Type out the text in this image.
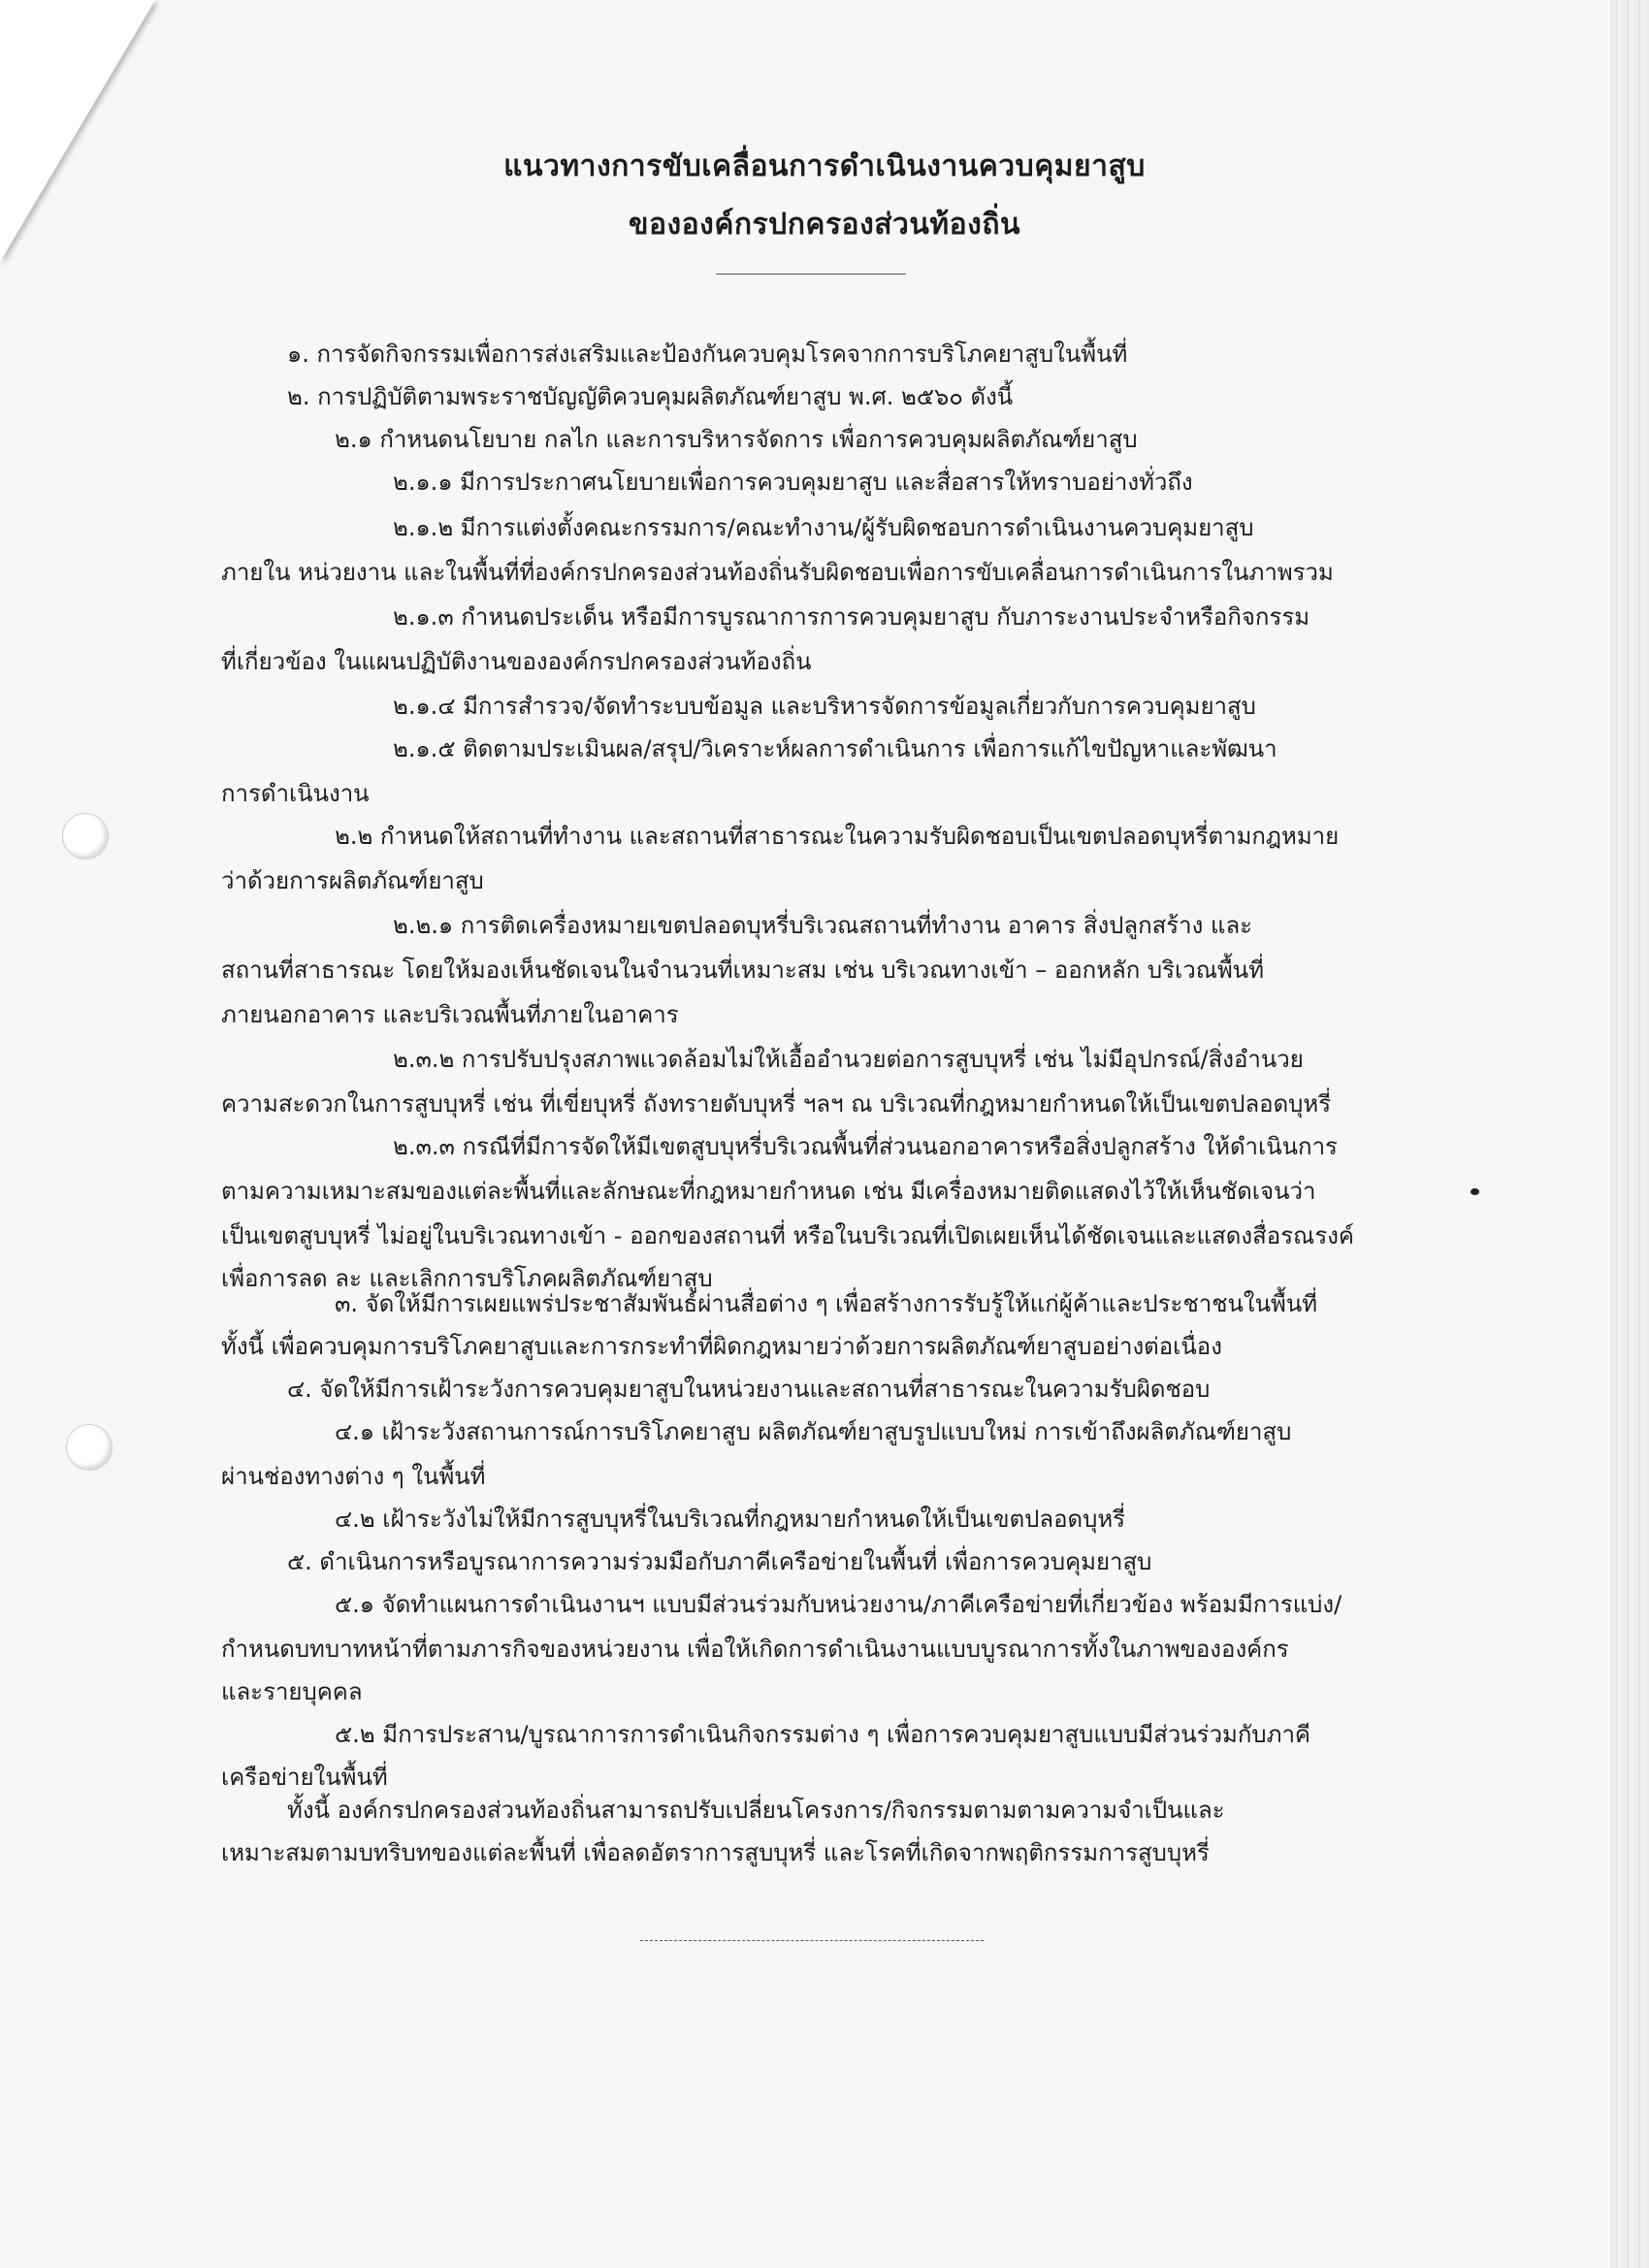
แนวทางการขับเคลื่อนการดำเนินงานควบคุมยาสูบ
ขององค์กรปกครองส่วนท้องถิ่น
๑. การจัดกิจกรรมเพื่อการส่งเสริมและป้องกันควบคุมโรคจากการบริโภคยาสูบในพื้นที่
๒. การปฏิบัติตามพระราชบัญญัติควบคุมผลิตภัณฑ์ยาสูบ พ.ศ. ๒๕๖๐ ดังนี้
๒.๑ กำหนดนโยบาย กลไก และการบริหารจัดการ เพื่อการควบคุมผลิตภัณฑ์ยาสูบ
๒.๑.๑ มีการประกาศนโยบายเพื่อการควบคุมยาสูบ และสื่อสารให้ทราบอย่างทั่วถึง
๒.๑.๒ มีการแต่งตั้งคณะกรรมการ/คณะทำงาน/ผู้รับผิดชอบการดำเนินงานควบคุมยาสูบ
ภายใน หน่วยงาน และในพื้นที่ที่องค์กรปกครองส่วนท้องถิ่นรับผิดชอบเพื่อการขับเคลื่อนการดำเนินการในภาพรวม
๒.๑.๓ กำหนดประเด็น หรือมีการบูรณาการการควบคุมยาสูบ กับภาระงานประจำหรือกิจกรรม
ที่เกี่ยวข้อง ในแผนปฏิบัติงานขององค์กรปกครองส่วนท้องถิ่น
๒.๑.๔ มีการสำรวจ/จัดทำระบบข้อมูล และบริหารจัดการข้อมูลเกี่ยวกับการควบคุมยาสูบ
๒.๑.๕ ติดตามประเมินผล/สรุป/วิเคราะห์ผลการดำเนินการ เพื่อการแก้ไขปัญหาและพัฒนา
การดำเนินงาน
๒.๒ กำหนดให้สถานที่ทำงาน และสถานที่สาธารณะในความรับผิดชอบเป็นเขตปลอดบุหรี่ตามกฎหมาย
ว่าด้วยการผลิตภัณฑ์ยาสูบ
๒.๒.๑ การติดเครื่องหมายเขตปลอดบุหรี่บริเวณสถานที่ทำงาน อาคาร สิ่งปลูกสร้าง และ
สถานที่สาธารณะ โดยให้มองเห็นชัดเจนในจำนวนที่เหมาะสม เช่น บริเวณทางเข้า – ออกหลัก บริเวณพื้นที่
ภายนอกอาคาร และบริเวณพื้นที่ภายในอาคาร
๒.๓.๒ การปรับปรุงสภาพแวดล้อมไม่ให้เอื้ออำนวยต่อการสูบบุหรี่ เช่น ไม่มีอุปกรณ์/สิ่งอำนวย
ความสะดวกในการสูบบุหรี่ เช่น ที่เขี่ยบุหรี่ ถังทรายดับบุหรี่ ฯลฯ ณ บริเวณที่กฎหมายกำหนดให้เป็นเขตปลอดบุหรี่
๒.๓.๓ กรณีที่มีการจัดให้มีเขตสูบบุหรี่บริเวณพื้นที่ส่วนนอกอาคารหรือสิ่งปลูกสร้าง ให้ดำเนินการ
ตามความเหมาะสมของแต่ละพื้นที่และลักษณะที่กฎหมายกำหนด เช่น มีเครื่องหมายติดแสดงไว้ให้เห็นชัดเจนว่า
เป็นเขตสูบบุหรี่ ไม่อยู่ในบริเวณทางเข้า - ออกของสถานที่ หรือในบริเวณที่เปิดเผยเห็นได้ชัดเจนและแสดงสื่อรณรงค์
เพื่อการลด ละ และเลิกการบริโภคผลิตภัณฑ์ยาสูบ
๓. จัดให้มีการเผยแพร่ประชาสัมพันธ์ผ่านสื่อต่าง ๆ เพื่อสร้างการรับรู้ให้แก่ผู้ค้าและประชาชนในพื้นที่
ทั้งนี้ เพื่อควบคุมการบริโภคยาสูบและการกระทำที่ผิดกฎหมายว่าด้วยการผลิตภัณฑ์ยาสูบอย่างต่อเนื่อง
๔. จัดให้มีการเฝ้าระวังการควบคุมยาสูบในหน่วยงานและสถานที่สาธารณะในความรับผิดชอบ
๔.๑ เฝ้าระวังสถานการณ์การบริโภคยาสูบ ผลิตภัณฑ์ยาสูบรูปแบบใหม่ การเข้าถึงผลิตภัณฑ์ยาสูบ
ผ่านช่องทางต่าง ๆ ในพื้นที่
๔.๒ เฝ้าระวังไม่ให้มีการสูบบุหรี่ในบริเวณที่กฎหมายกำหนดให้เป็นเขตปลอดบุหรี่
๕. ดำเนินการหรือบูรณาการความร่วมมือกับภาคีเครือข่ายในพื้นที่ เพื่อการควบคุมยาสูบ
๕.๑ จัดทำแผนการดำเนินงานฯ แบบมีส่วนร่วมกับหน่วยงาน/ภาคีเครือข่ายที่เกี่ยวข้อง พร้อมมีการแบ่ง/
กำหนดบทบาทหน้าที่ตามภารกิจของหน่วยงาน เพื่อให้เกิดการดำเนินงานแบบบูรณาการทั้งในภาพขององค์กร
และรายบุคคล
๕.๒ มีการประสาน/บูรณาการการดำเนินกิจกรรมต่าง ๆ เพื่อการควบคุมยาสูบแบบมีส่วนร่วมกับภาคี
เครือข่ายในพื้นที่
ทั้งนี้ องค์กรปกครองส่วนท้องถิ่นสามารถปรับเปลี่ยนโครงการ/กิจกรรมตามตามความจำเป็นและ
เหมาะสมตามบทริบทของแต่ละพื้นที่ เพื่อลดอัตราการสูบบุหรี่ และโรคที่เกิดจากพฤติกรรมการสูบบุหรี่
